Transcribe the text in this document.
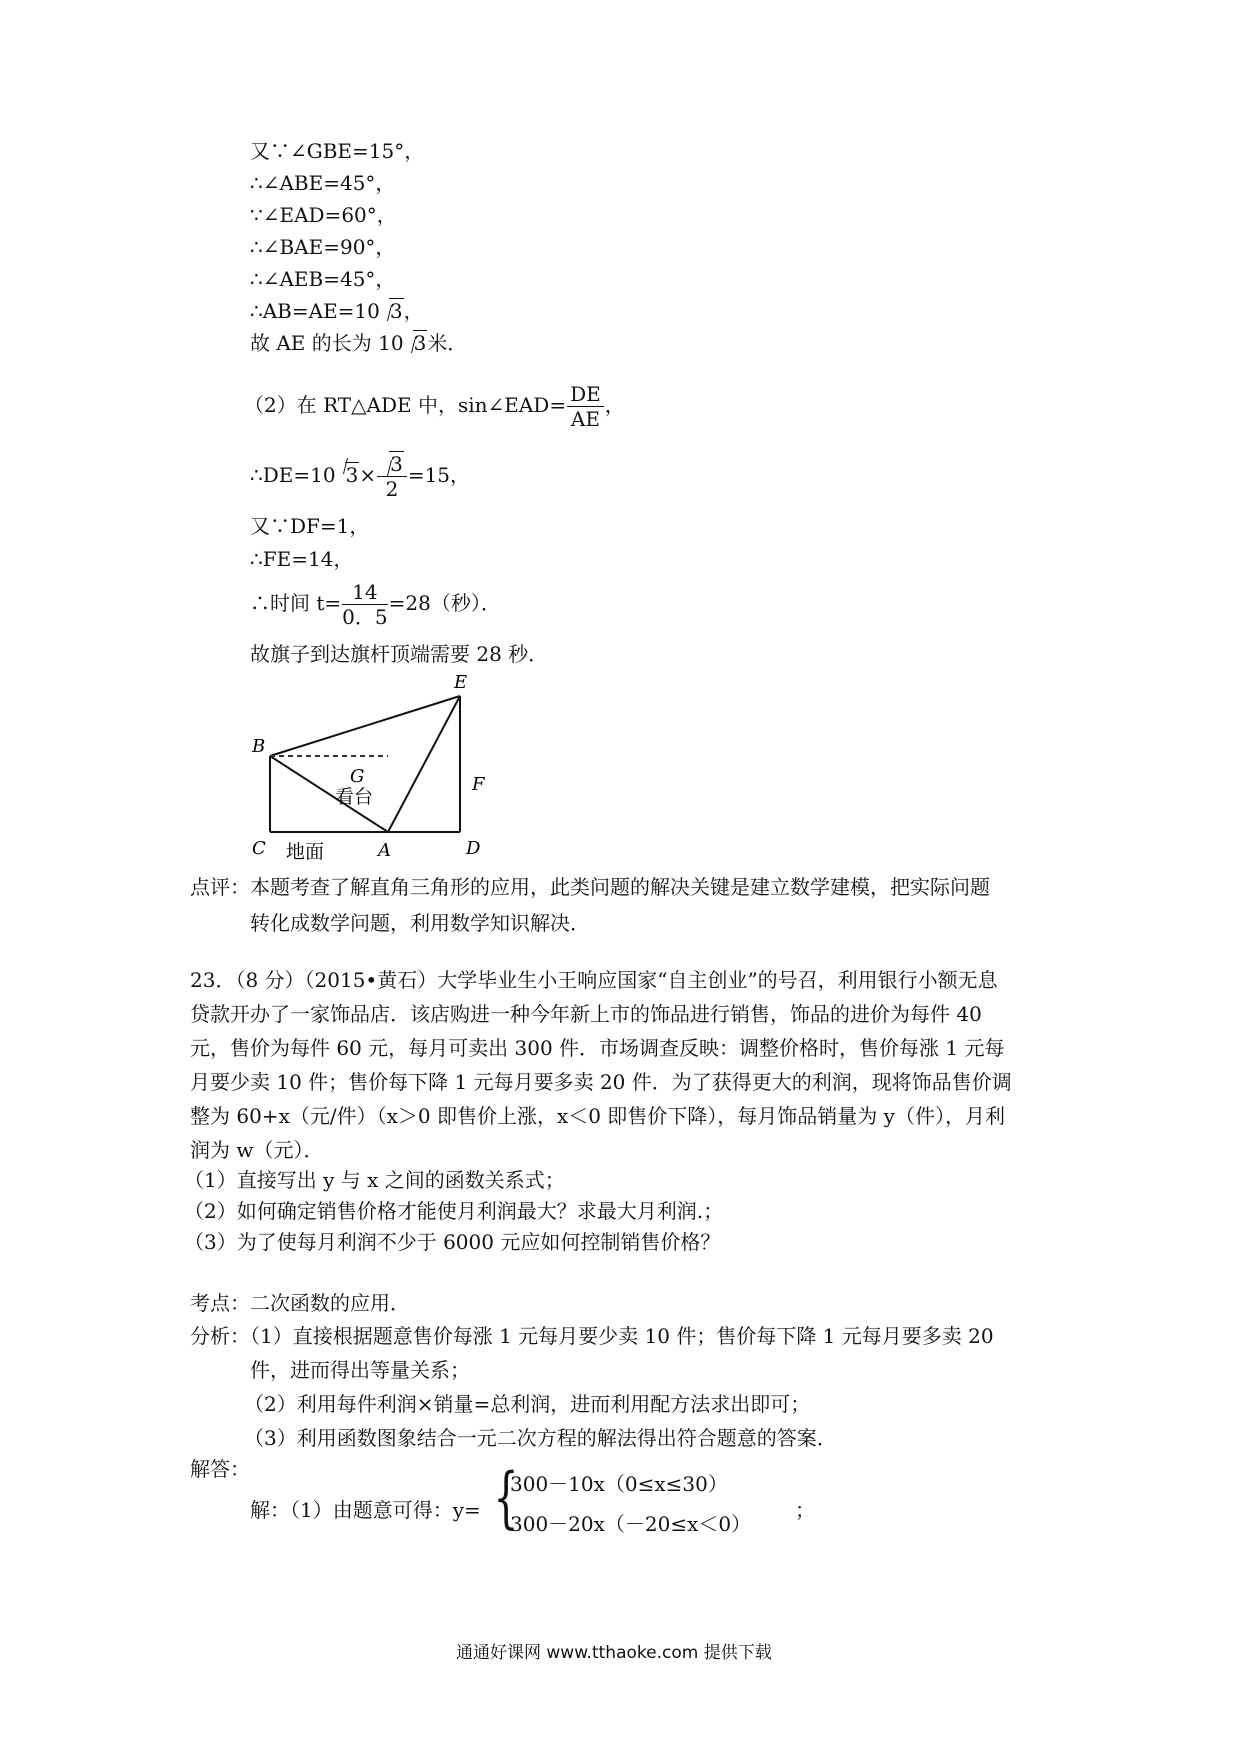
又∵∠GBE=15°，
∴∠ABE=45°，
∵∠EAD=60°，
∴∠BAE=90°，
∴∠AEB=45°，
∴AB=AE=10 3，
故 AE 的长为 10 3米．
（2）在 RT△ADE 中，sin∠EAD= $\frac{DE}{AE}$ ，
∴DE=10 $3\times \frac{3}{2} =15$，
又∵DF=1，
∴FE=14，
∴时间 $t= \frac{14}{0.5} =28$（秒）．
故旗子到达旗杆顶端需要 28 秒．
B
E
G	F
C	A	D
看台
地面
点评：本题考查了解直角三角形的应用，此类问题的解决关键是建立数学建模，把实际问题
转化成数学问题，利用数学知识解决．
23．（8 分）（2015•黄石）大学毕业生小王响应国家“自主创业”的号召，利用银行小额无息
贷款开办了一家饰品店．该店购进一种今年新上市的饰品进行销售，饰品的进价为每件 40
元，售价为每件 60 元，每月可卖出 300 件．市场调查反映：调整价格时，售价每涨 1 元每
月要少卖 10 件；售价每下降 1 元每月要多卖 20 件．为了获得更大的利润，现将饰品售价调
整为 60+x（元/件）（x＞0 即售价上涨，x＜0 即售价下降），每月饰品销量为 y（件），月利
润为 w（元）．
（1）直接写出 y 与 x 之间的函数关系式；
（2）如何确定销售价格才能使月利润最大？求最大月利润.；
（3）为了使每月利润不少于 6000 元应如何控制销售价格？
考点：二次函数的应用．
分析：（1）直接根据题意售价每涨 1 元每月要少卖 10 件；售价每下降 1 元每月要多卖 20
件，进而得出等量关系；
（2）利用每件利润×销量=总利润，进而利用配方法求出即可；
（3）利用函数图象结合一元二次方程的解法得出符合题意的答案．
解答：
解：（1）由题意可得：y= {
300－10x（0≤x≤30）
300－20x（－20≤x＜0）
；
通通好课网 www.tthaoke.com 提供下载
